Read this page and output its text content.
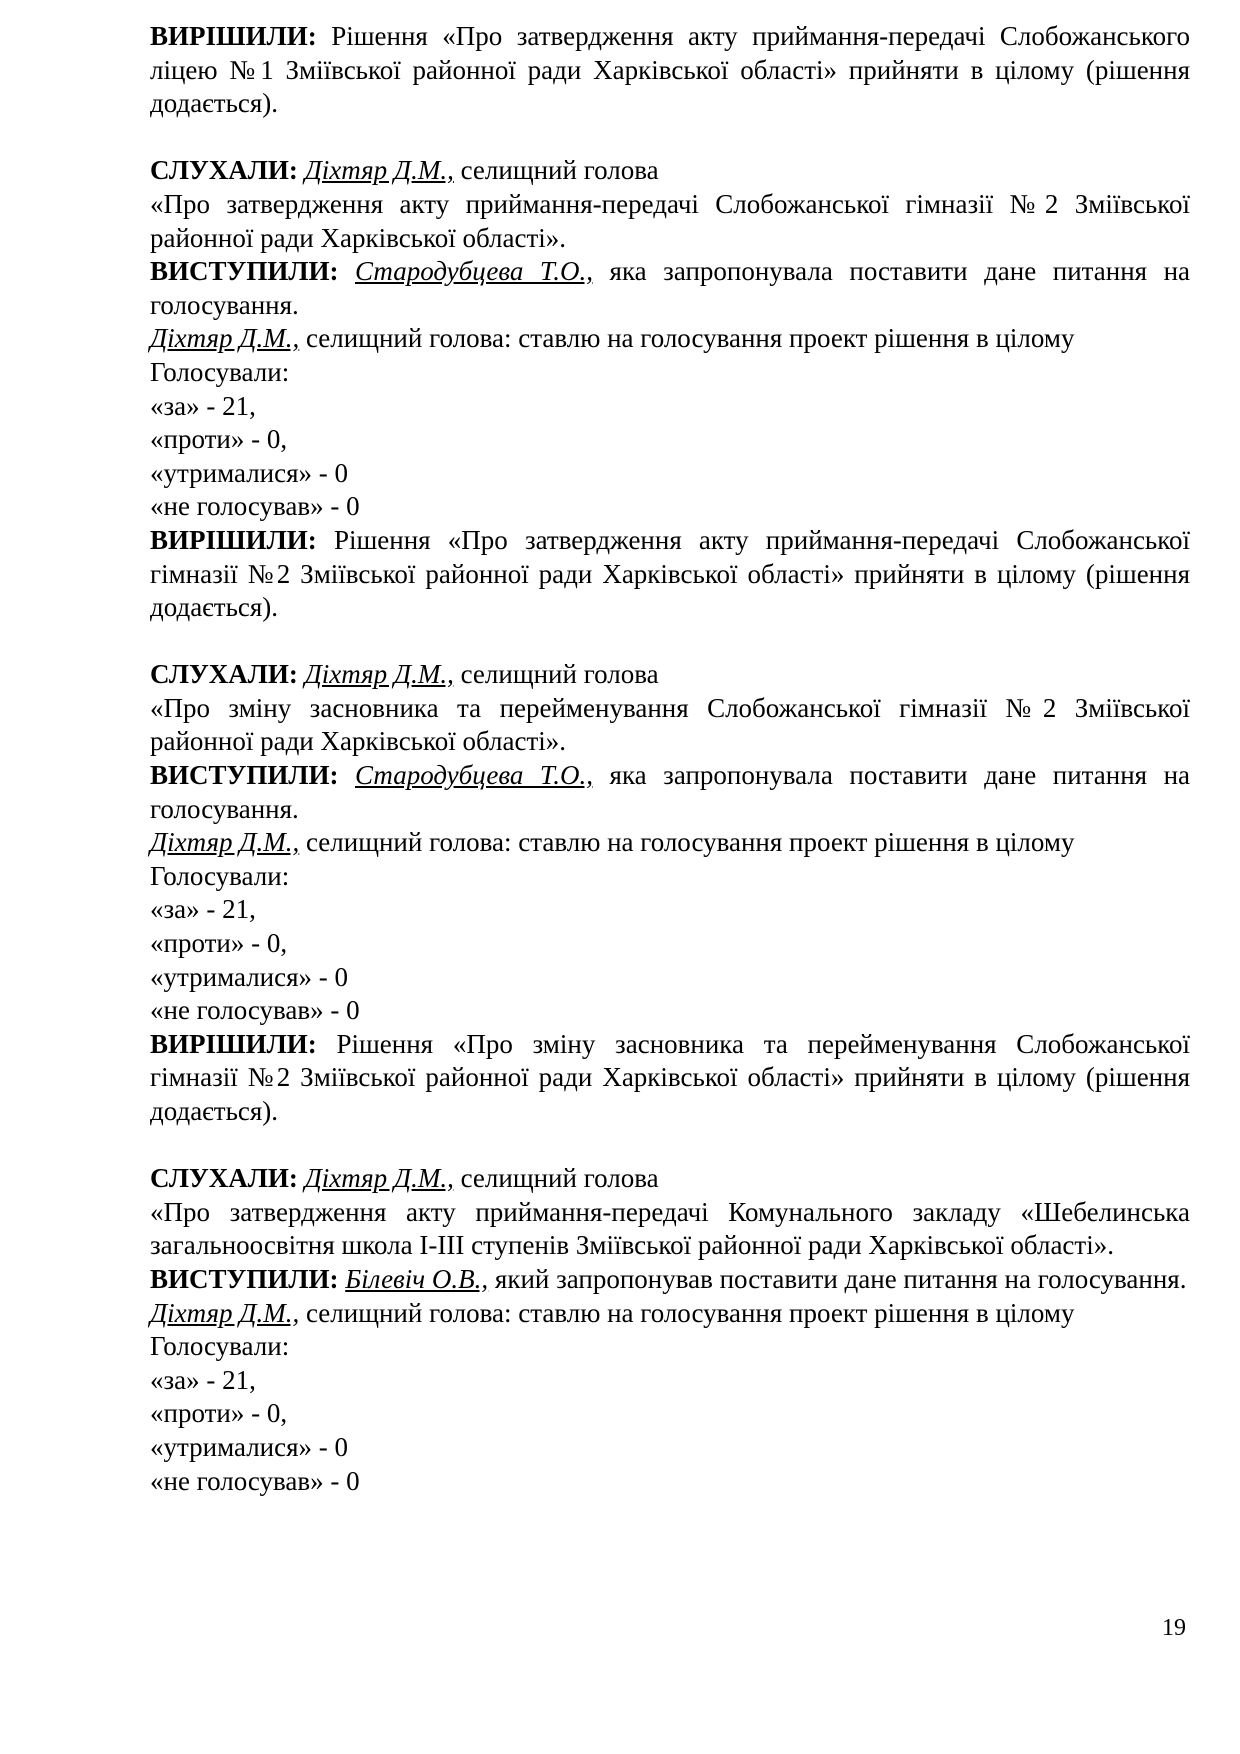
ВИРІШИЛИ: Рішення «Про затвердження акту приймання-передачі Слобожанського ліцею №1 Зміївської районної ради Харківської області» прийняти в цілому (рішення додається).

СЛУХАЛИ: Діхтяр Д.М., селищний голова

«Про затвердження акту приймання-передачі Слобожанської гімназії №2 Зміївської районної ради Харківської області».

ВИСТУПИЛИ: Стародубцева Т.О., яка запропонувала поставити дане питання на голосування.

Діхтяр Д.М., селищний голова: ставлю на голосування проект рішення в цілому

Голосували:

«за» - 21,

«проти» - 0,

«утрималися» - 0

«не голосував» - 0

ВИРІШИЛИ: Рішення «Про затвердження акту приймання-передачі Слобожанської гімназії №2 Зміївської районної ради Харківської області» прийняти в цілому (рішення додається).

СЛУХАЛИ: Діхтяр Д.М., селищний голова

«Про зміну засновника та перейменування Слобожанської гімназії №2 Зміївської районної ради Харківської області».

ВИСТУПИЛИ: Стародубцева Т.О., яка запропонувала поставити дане питання на голосування.

Діхтяр Д.М., селищний голова: ставлю на голосування проект рішення в цілому

Голосували:

«за» - 21,

«проти» - 0,

«утрималися» - 0

«не голосував» - 0

ВИРІШИЛИ: Рішення «Про зміну засновника та перейменування Слобожанської гімназії №2 Зміївської районної ради Харківської області» прийняти в цілому (рішення додається).

СЛУХАЛИ: Діхтяр Д.М., селищний голова

«Про затвердження акту приймання-передачі Комунального закладу «Шебелинська загальноосвітня школа І-ІІІ ступенів Зміївської районної ради Харківської області».

ВИСТУПИЛИ: Білевіч О.В., який запропонував поставити дане питання на голосування.

Діхтяр Д.М., селищний голова: ставлю на голосування проект рішення в цілому

Голосували:

«за» - 21,

«проти» - 0,

«утрималися» - 0

«не голосував» - 0

19
